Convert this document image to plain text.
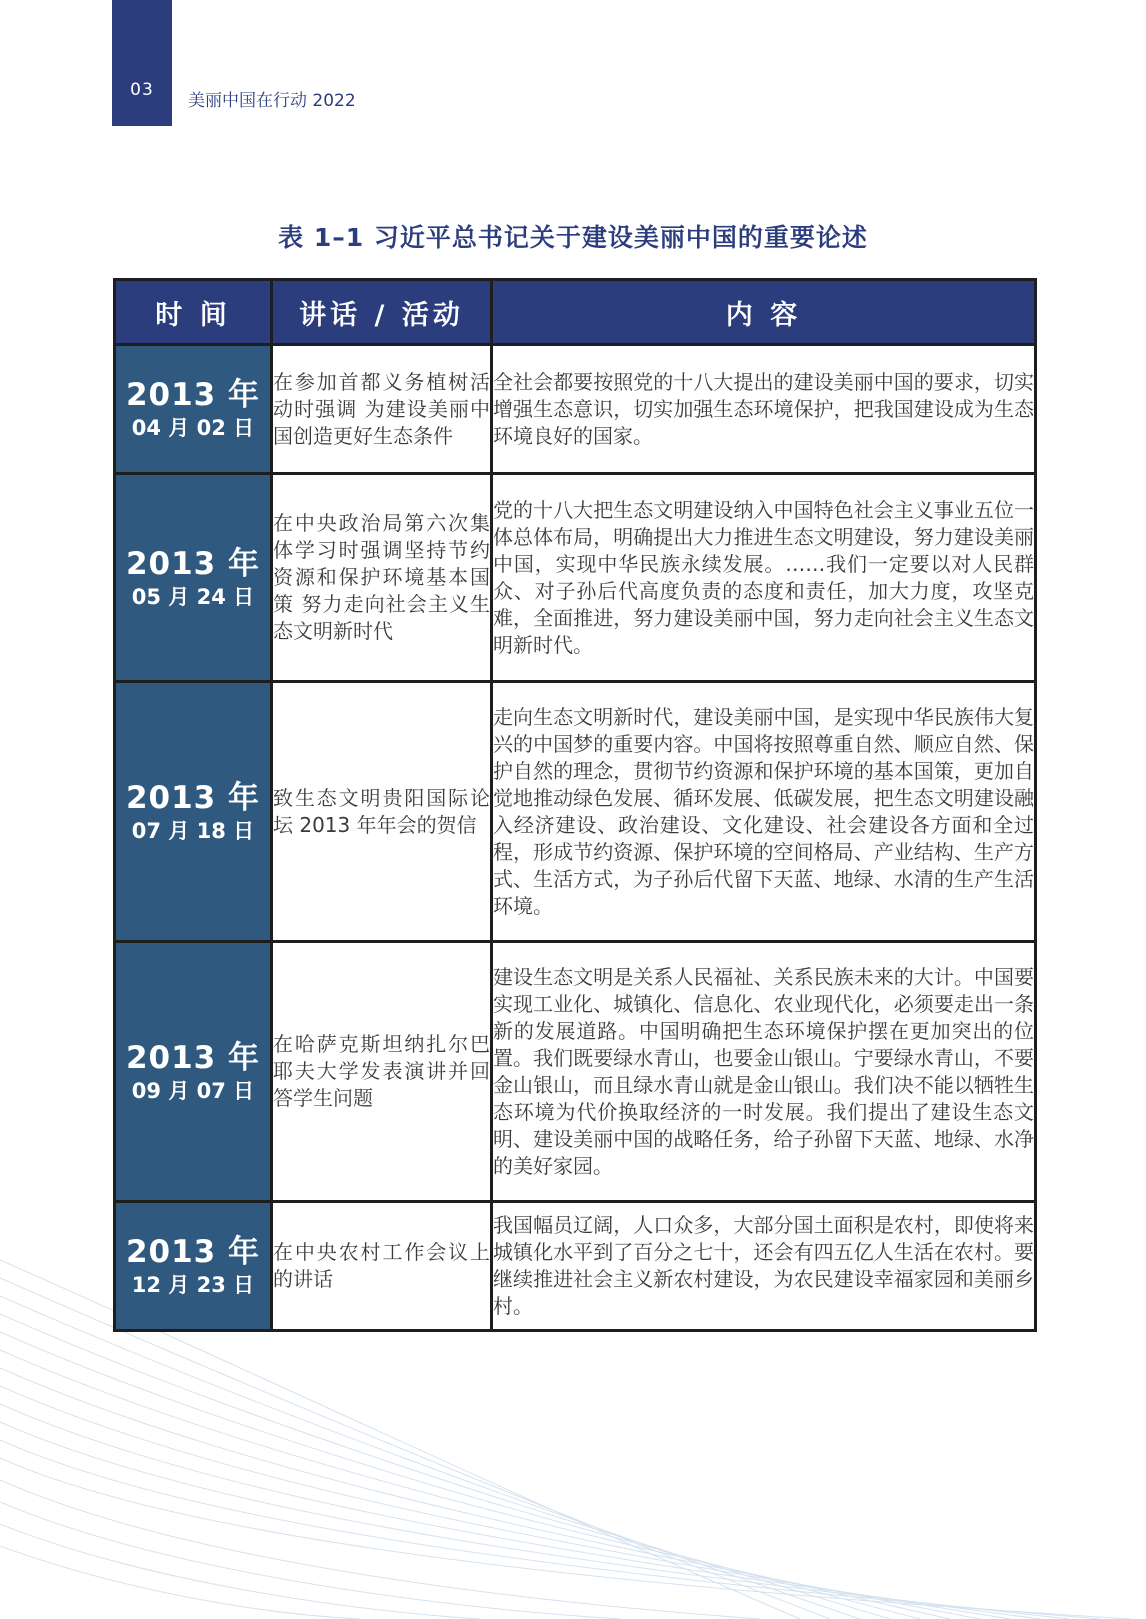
03
美丽中国在行动 2022
表 1–1 习近平总书记关于建设美丽中国的重要论述
时 间	讲话 / 活动	内 容

2013 年
04 月 02 日	在参加首都义务植树活动时强调 为建设美丽中国创造更好生态条件	全社会都要按照党的十八大提出的建设美丽中国的要求，切实增强生态意识，切实加强生态环境保护，把我国建设成为生态环境良好的国家。

2013 年
05 月 24 日	在中央政治局第六次集体学习时强调坚持节约资源和保护环境基本国策 努力走向社会主义生态文明新时代	党的十八大把生态文明建设纳入中国特色社会主义事业五位一体总体布局，明确提出大力推进生态文明建设，努力建设美丽中国，实现中华民族永续发展。……我们一定要以对人民群众、对子孙后代高度负责的态度和责任，加大力度，攻坚克难，全面推进，努力建设美丽中国，努力走向社会主义生态文明新时代。

2013 年
07 月 18 日	致生态文明贵阳国际论坛 2013 年年会的贺信	走向生态文明新时代，建设美丽中国，是实现中华民族伟大复兴的中国梦的重要内容。中国将按照尊重自然、顺应自然、保护自然的理念，贯彻节约资源和保护环境的基本国策，更加自觉地推动绿色发展、循环发展、低碳发展，把生态文明建设融入经济建设、政治建设、文化建设、社会建设各方面和全过程，形成节约资源、保护环境的空间格局、产业结构、生产方式、生活方式，为子孙后代留下天蓝、地绿、水清的生产生活环境。

2013 年
09 月 07 日	在哈萨克斯坦纳扎尔巴耶夫大学发表演讲并回答学生问题	建设生态文明是关系人民福祉、关系民族未来的大计。中国要实现工业化、城镇化、信息化、农业现代化，必须要走出一条新的发展道路。中国明确把生态环境保护摆在更加突出的位置。我们既要绿水青山，也要金山银山。宁要绿水青山，不要金山银山，而且绿水青山就是金山银山。我们决不能以牺牲生态环境为代价换取经济的一时发展。我们提出了建设生态文明、建设美丽中国的战略任务，给子孙留下天蓝、地绿、水净的美好家园。

2013 年
12 月 23 日	在中央农村工作会议上的讲话	我国幅员辽阔，人口众多，大部分国土面积是农村，即使将来城镇化水平到了百分之七十，还会有四五亿人生活在农村。要继续推进社会主义新农村建设，为农民建设幸福家园和美丽乡村。
